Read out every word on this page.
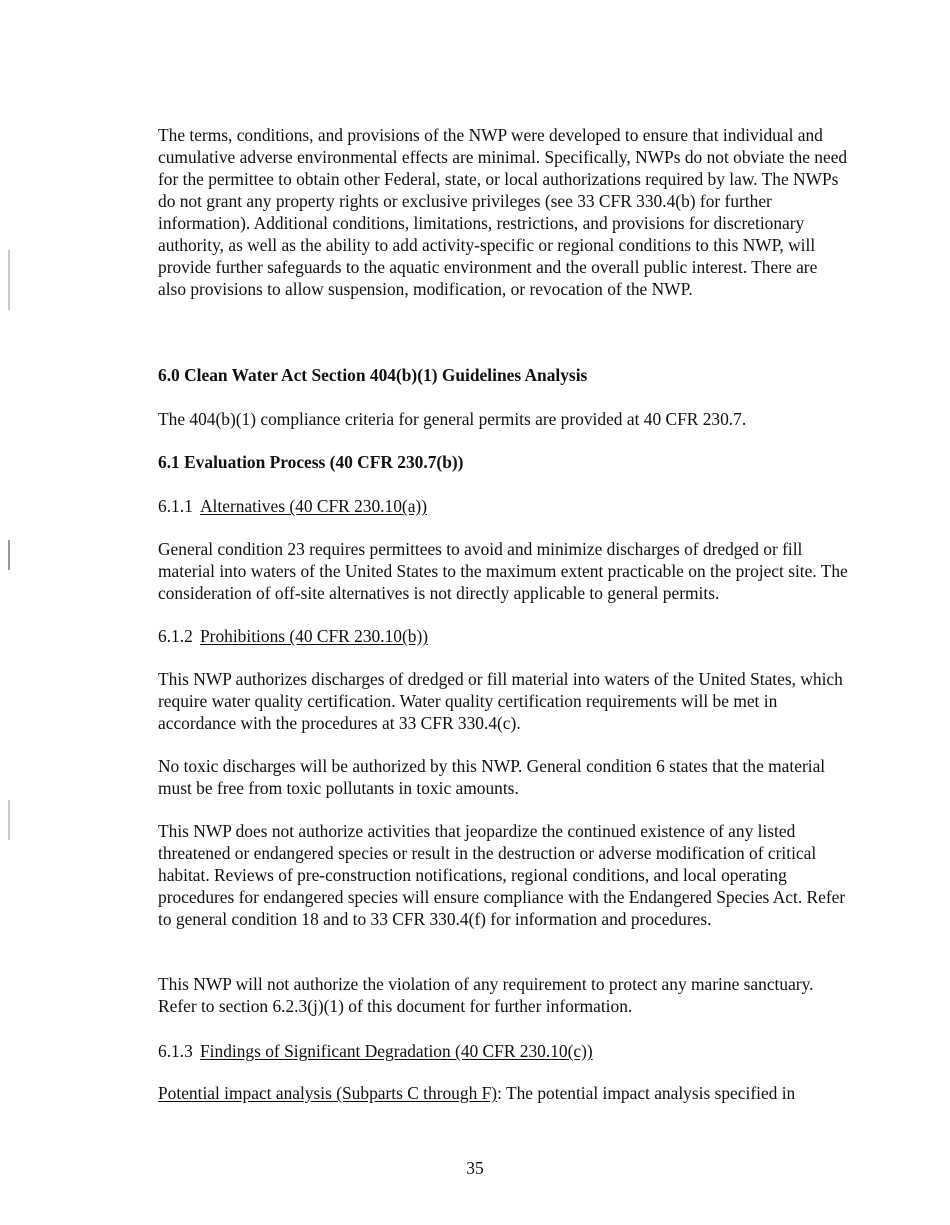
The terms, conditions, and provisions of the NWP were developed to ensure that individual and cumulative adverse environmental effects are minimal. Specifically, NWPs do not obviate the need for the permittee to obtain other Federal, state, or local authorizations required by law. The NWPs do not grant any property rights or exclusive privileges (see 33 CFR 330.4(b) for further information). Additional conditions, limitations, restrictions, and provisions for discretionary authority, as well as the ability to add activity-specific or regional conditions to this NWP, will provide further safeguards to the aquatic environment and the overall public interest. There are also provisions to allow suspension, modification, or revocation of the NWP.

6.0 Clean Water Act Section 404(b)(1) Guidelines Analysis

The 404(b)(1) compliance criteria for general permits are provided at 40 CFR 230.7.

6.1 Evaluation Process (40 CFR 230.7(b))

6.1.1 Alternatives (40 CFR 230.10(a))

General condition 23 requires permittees to avoid and minimize discharges of dredged or fill material into waters of the United States to the maximum extent practicable on the project site. The consideration of off-site alternatives is not directly applicable to general permits.

6.1.2 Prohibitions (40 CFR 230.10(b))

This NWP authorizes discharges of dredged or fill material into waters of the United States, which require water quality certification. Water quality certification requirements will be met in accordance with the procedures at 33 CFR 330.4(c).

No toxic discharges will be authorized by this NWP. General condition 6 states that the material must be free from toxic pollutants in toxic amounts.

This NWP does not authorize activities that jeopardize the continued existence of any listed threatened or endangered species or result in the destruction or adverse modification of critical habitat. Reviews of pre-construction notifications, regional conditions, and local operating procedures for endangered species will ensure compliance with the Endangered Species Act. Refer to general condition 18 and to 33 CFR 330.4(f) for information and procedures.

This NWP will not authorize the violation of any requirement to protect any marine sanctuary. Refer to section 6.2.3(j)(1) of this document for further information.

6.1.3 Findings of Significant Degradation (40 CFR 230.10(c))

Potential impact analysis (Subparts C through F): The potential impact analysis specified in

35
